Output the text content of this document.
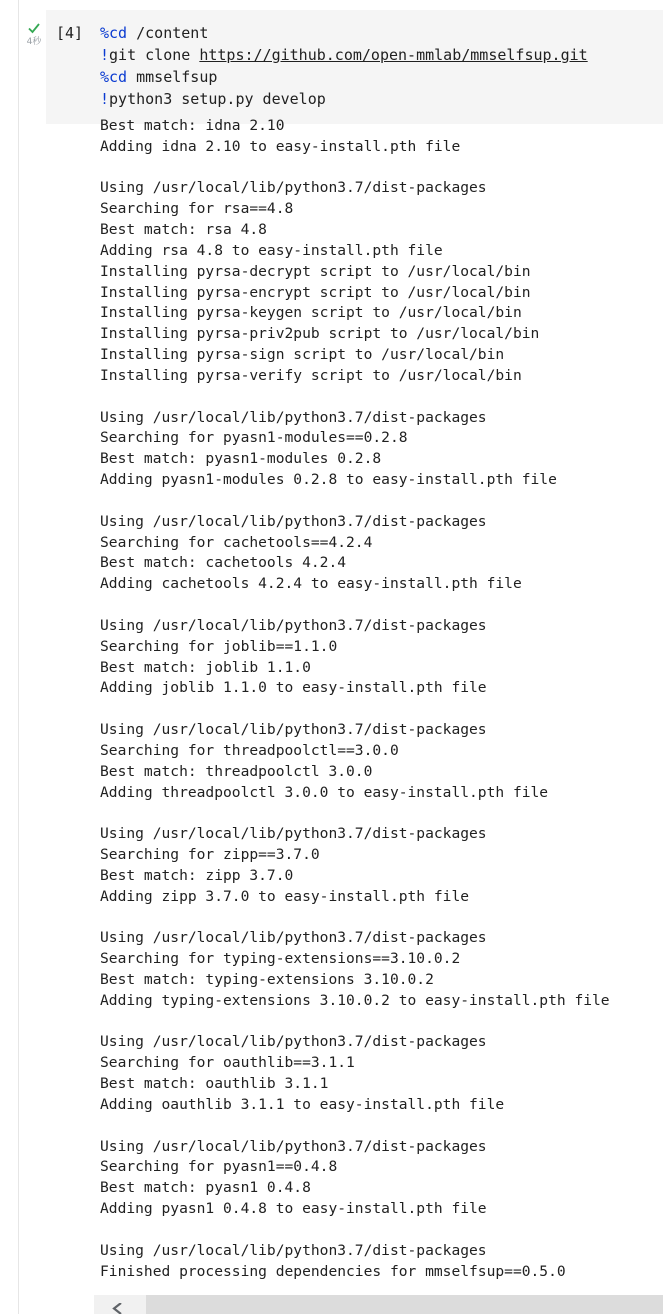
4秒 [4] %cd /content
!git clone https://github.com/open-mmlab/mmselfsup.git
%cd mmselfsup
!python3 setup.py develop
Best match: idna 2.10
Adding idna 2.10 to easy-install.pth file
Using /usr/local/lib/python3.7/dist-packages
Searching for rsa==4.8
Best match: rsa 4.8
Adding rsa 4.8 to easy-install.pth file
Installing pyrsa-decrypt script to /usr/local/bin
Installing pyrsa-encrypt script to /usr/local/bin
Installing pyrsa-keygen script to /usr/local/bin
Installing pyrsa-priv2pub script to /usr/local/bin
Installing pyrsa-sign script to /usr/local/bin
Installing pyrsa-verify script to /usr/local/bin
Using /usr/local/lib/python3.7/dist-packages
Searching for pyasn1-modules==0.2.8
Best match: pyasn1-modules 0.2.8
Adding pyasn1-modules 0.2.8 to easy-install.pth file
Using /usr/local/lib/python3.7/dist-packages
Searching for cachetools==4.2.4
Best match: cachetools 4.2.4
Adding cachetools 4.2.4 to easy-install.pth file
Using /usr/local/lib/python3.7/dist-packages
Searching for joblib==1.1.0
Best match: joblib 1.1.0
Adding joblib 1.1.0 to easy-install.pth file
Using /usr/local/lib/python3.7/dist-packages
Searching for threadpoolctl==3.0.0
Best match: threadpoolctl 3.0.0
Adding threadpoolctl 3.0.0 to easy-install.pth file
Using /usr/local/lib/python3.7/dist-packages
Searching for zipp==3.7.0
Best match: zipp 3.7.0
Adding zipp 3.7.0 to easy-install.pth file
Using /usr/local/lib/python3.7/dist-packages
Searching for typing-extensions==3.10.0.2
Best match: typing-extensions 3.10.0.2
Adding typing-extensions 3.10.0.2 to easy-install.pth file
Using /usr/local/lib/python3.7/dist-packages
Searching for oauthlib==3.1.1
Best match: oauthlib 3.1.1
Adding oauthlib 3.1.1 to easy-install.pth file
Using /usr/local/lib/python3.7/dist-packages
Searching for pyasn1==0.4.8
Best match: pyasn1 0.4.8
Adding pyasn1 0.4.8 to easy-install.pth file
Using /usr/local/lib/python3.7/dist-packages
Finished processing dependencies for mmselfsup==0.5.0
